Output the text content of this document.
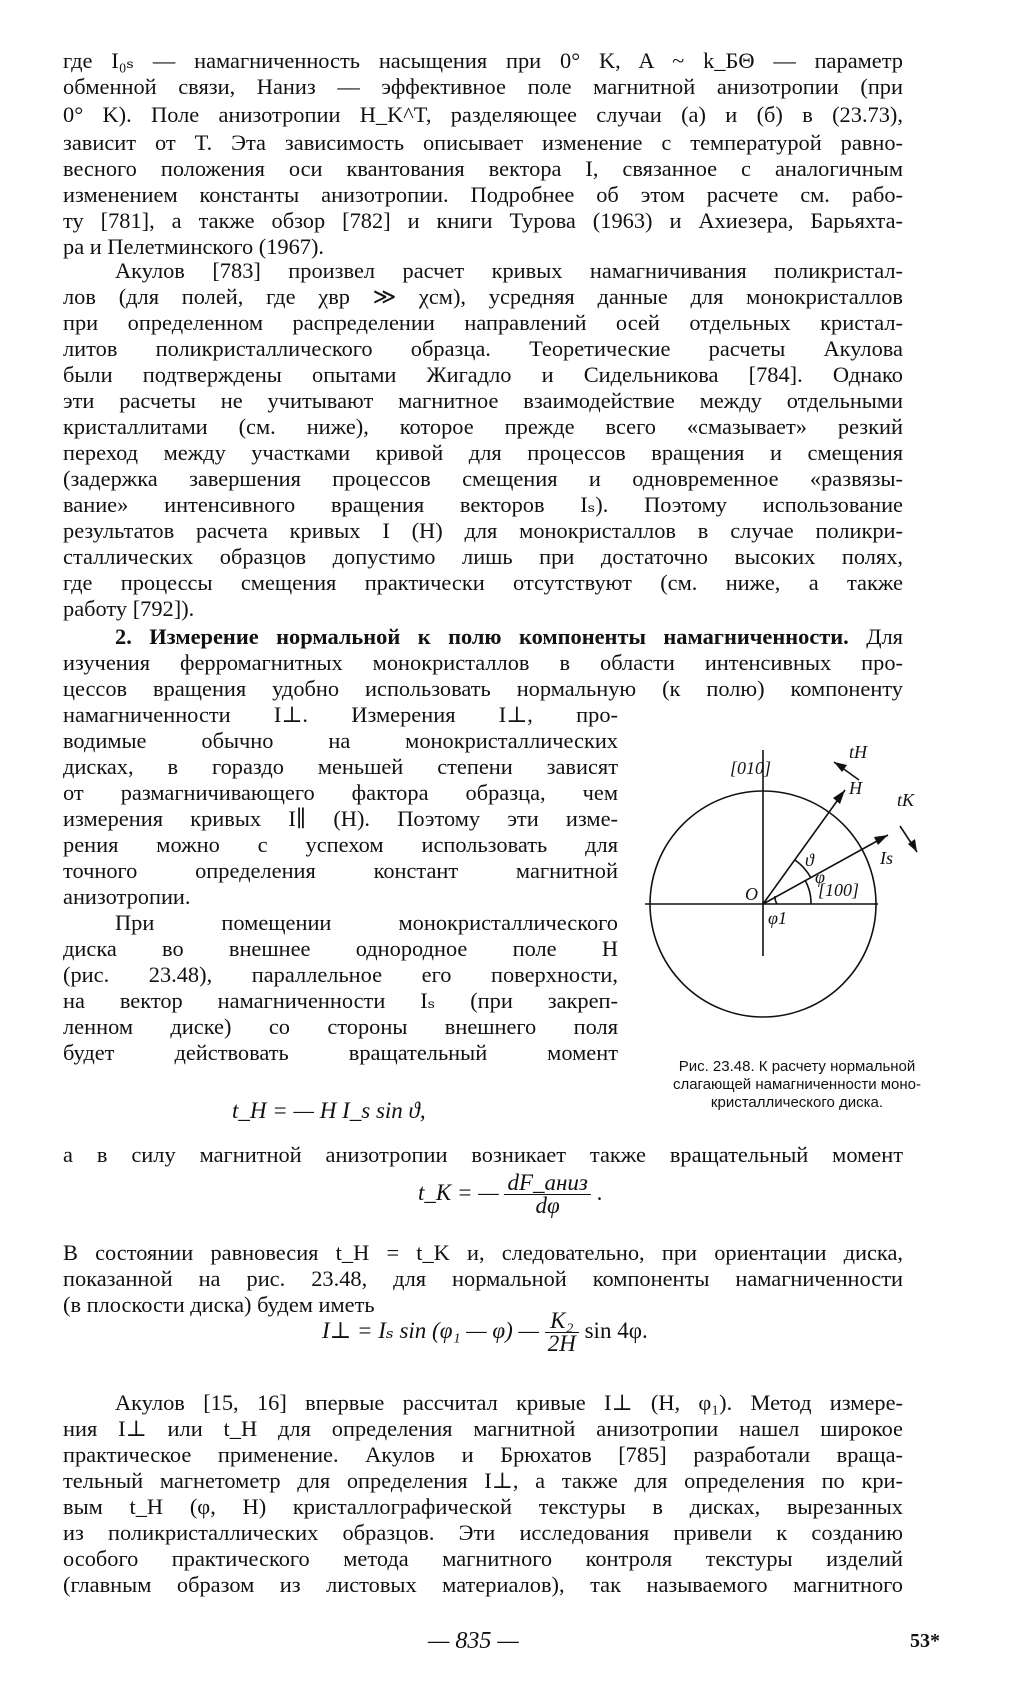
где I₀ₛ — намагниченность насыщения при 0° K, A ~ k_БΘ — параметр
обменной связи, Hаниз — эффективное поле магнитной анизотропии (при
0° K). Поле анизотропии H_K^T, разделяющее случаи (а) и (б) в (23.73),
зависит от T. Эта зависимость описывает изменение с температурой равно-
весного положения оси квантования вектора I, связанное с аналогичным
изменением константы анизотропии. Подробнее об этом расчете см. рабо-
ту [781], а также обзор [782] и книги Турова (1963) и Ахиезера, Барьяхта-
ра и Пелетминского (1967).
Акулов [783] произвел расчет кривых намагничивания поликристал-
лов (для полей, где χвр ≫ χсм), усредняя данные для монокристаллов
при определенном распределении направлений осей отдельных кристал-
литов поликристаллического образца. Теоретические расчеты Акулова
были подтверждены опытами Жигадло и Сидельникова [784]. Однако
эти расчеты не учитывают магнитное взаимодействие между отдельными
кристаллитами (см. ниже), которое прежде всего «смазывает» резкий
переход между участками кривой для процессов вращения и смещения
(задержка завершения процессов смещения и одновременное «развязы-
вание» интенсивного вращения векторов Iₛ). Поэтому использование
результатов расчета кривых I (H) для монокристаллов в случае поликри-
сталлических образцов допустимо лишь при достаточно высоких полях,
где процессы смещения практически отсутствуют (см. ниже, а также
работу [792]).
2. Измерение нормальной к полю компоненты намагниченности. Для
изучения ферромагнитных монокристаллов в области интенсивных про-
цессов вращения удобно использовать нормальную (к полю) компоненту
намагниченности I⊥. Измерения I⊥, про-
водимые обычно на монокристаллических
дисках, в гораздо меньшей степени зависят
от размагничивающего фактора образца, чем
измерения кривых I∥ (H). Поэтому эти изме-
рения можно с успехом использовать для
точного определения констант магнитной
анизотропии.
При помещении монокристаллического
диска во внешнее однородное поле H
(рис. 23.48), параллельное его поверхности,
на вектор намагниченности Iₛ (при закреп-
ленном диске) со стороны внешнего поля
будет действовать вращательный момент
[010]
[100]
O
H
Is
tH
tK
ϑ
φ
φ1
Рис. 23.48. К расчету нормальной
слагающей намагниченности моно-
кристаллического диска.
t_H = — H I_s sin ϑ,
а в силу магнитной анизотропии возникает также вращательный момент
t_K = — $\frac{\text{dF\_аниз}}{d\varphi}$ .
В состоянии равновесия t_H = t_K и, следовательно, при ориентации диска,
показанной на рис. 23.48, для нормальной компоненты намагниченности
(в плоскости диска) будем иметь
I⊥ = Iₛ sin (φ₁ — φ) — $\frac{\text{K₂}}{2H}$ sin 4φ.
Акулов [15, 16] впервые рассчитал кривые I⊥ (H, φ₁). Метод измере-
ния I⊥ или t_H для определения магнитной анизотропии нашел широкое
практическое применение. Акулов и Брюхатов [785] разработали враща-
тельный магнетометр для определения I⊥, а также для определения по кри-
вым t_H (φ, H) кристаллографической текстуры в дисках, вырезанных
из поликристаллических образцов. Эти исследования привели к созданию
особого практического метода магнитного контроля текстуры изделий
(главным образом из листовых материалов), так называемого магнитного
— 835 —	53*
